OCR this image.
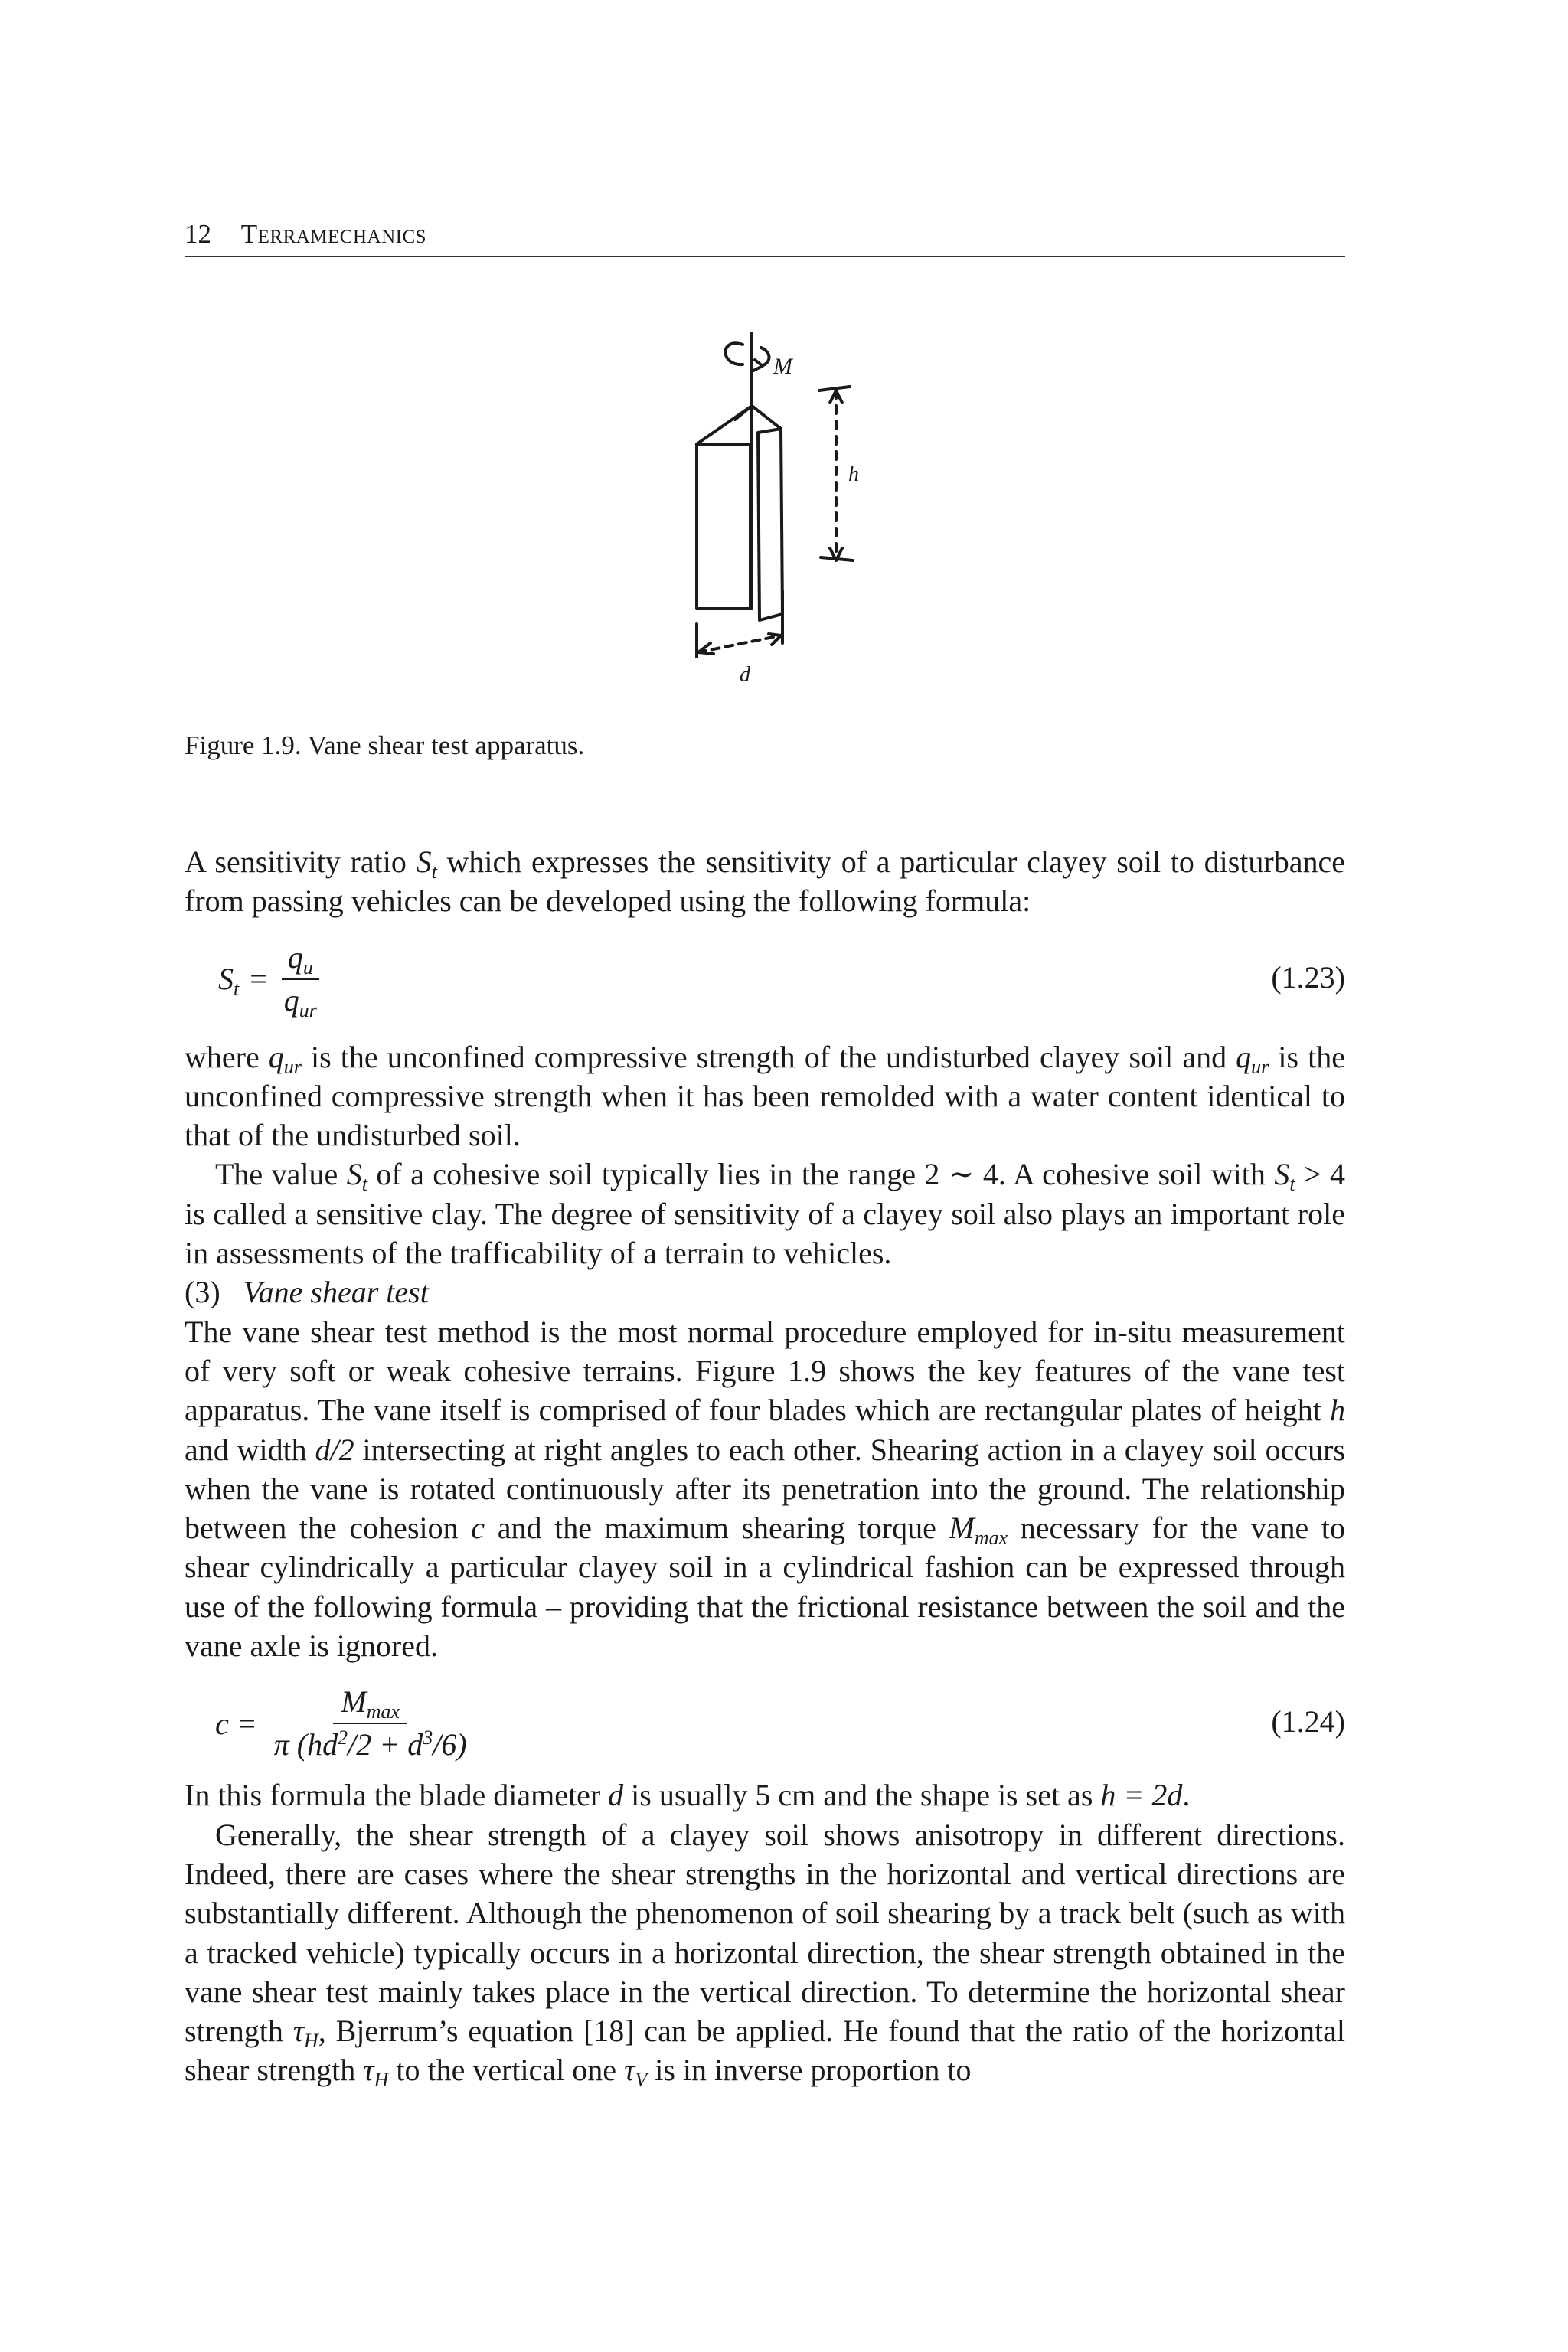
12 Terramechanics
M
h
d
Figure 1.9. Vane shear test apparatus.

A sensitivity ratio $S_t$ which expresses the sensitivity of a particular clayey soil to disturbance from passing vehicles can be developed using the following formula:

$S_t = \frac{q_u}{q_{ur}}$	(1.23)

where $q_{ur}$ is the unconfined compressive strength of the undisturbed clayey soil and $q_{ur}$ is the unconfined compressive strength when it has been remolded with a water content identical to that of the undisturbed soil.

The value $S_t$ of a cohesive soil typically lies in the range 2 ∼ 4. A cohesive soil with $S_t > 4$ is called a sensitive clay. The degree of sensitivity of a clayey soil also plays an important role in assessments of the trafficability of a terrain to vehicles.

(3) Vane shear test

The vane shear test method is the most normal procedure employed for in-situ measurement of very soft or weak cohesive terrains. Figure 1.9 shows the key features of the vane test apparatus. The vane itself is comprised of four blades which are rectangular plates of height h and width d/2 intersecting at right angles to each other. Shearing action in a clayey soil occurs when the vane is rotated continuously after its penetration into the ground. The relationship between the cohesion c and the maximum shearing torque $M_{max}$ necessary for the vane to shear cylindrically a particular clayey soil in a cylindrical fashion can be expressed through use of the following formula – providing that the frictional resistance between the soil and the vane axle is ignored.

$c = \frac{M_{max}}{\pi (hd^2/2 + d^3/6)}$	(1.24)

In this formula the blade diameter d is usually 5 cm and the shape is set as h = 2d.

Generally, the shear strength of a clayey soil shows anisotropy in different directions. Indeed, there are cases where the shear strengths in the horizontal and vertical directions are substantially different. Although the phenomenon of soil shearing by a track belt (such as with a tracked vehicle) typically occurs in a horizontal direction, the shear strength obtained in the vane shear test mainly takes place in the vertical direction. To determine the horizontal shear strength $\tau_H$, Bjerrum’s equation [18] can be applied. He found that the ratio of the horizontal shear strength $\tau_H$ to the vertical one $\tau_V$ is in inverse proportion to
